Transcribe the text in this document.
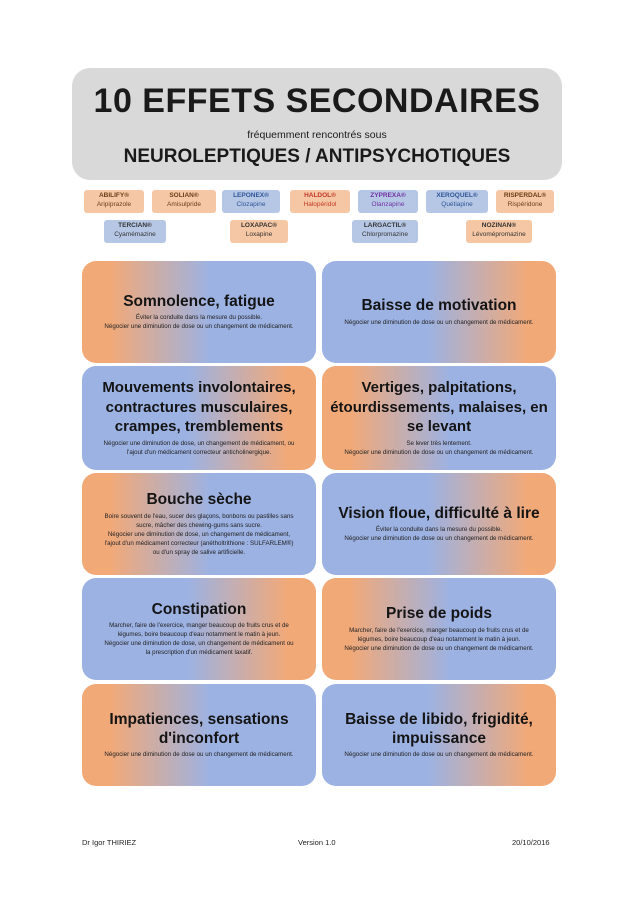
10 EFFETS SECONDAIRES
fréquemment rencontrés sous
NEUROLEPTIQUES / ANTIPSYCHOTIQUES
ABILIFY®
Aripiprazole
SOLIAN®
Amisulpride
LEPONEX®
Clozapine
HALDOL®
Halopéridol
ZYPREXA®
Olanzapine
XEROQUEL®
Quétiapine
RISPERDAL®
Rispéridone
TERCIAN®
Cyamémazine
LOXAPAC®
Loxapine
LARGACTIL®
Chlorpromazine
NOZINAN®
Lévomépromazine
Somnolence, fatigue
Éviter la conduite dans la mesure du possible.
Négocier une diminution de dose ou un changement de médicament.
Baisse de motivation
Négocier une diminution de dose ou un changement de médicament.
Mouvements involontaires, contractures musculaires, crampes, tremblements
Négocier une diminution de dose, un changement de médicament, ou
l'ajout d'un médicament correcteur anticholinergique.
Vertiges, palpitations, étourdissements, malaises, en se levant
Se lever très lentement.
Négocier une diminution de dose ou un changement de médicament.
Bouche sèche
Boire souvent de l'eau, sucer des glaçons, bonbons ou pastilles sans
sucre, mâcher des chewing-gums sans sucre.
Négocier une diminution de dose, un changement de médicament,
l'ajout d'un médicament correcteur (anétholtrithione : SULFARLEM®)
ou d'un spray de salive artificielle.
Vision floue, difficulté à lire
Éviter la conduite dans la mesure du possible.
Négocier une diminution de dose ou un changement de médicament.
Constipation
Marcher, faire de l'exercice, manger beaucoup de fruits crus et de
légumes, boire beaucoup d'eau notamment le matin à jeun.
Négocier une diminution de dose, un changement de médicament ou
la prescription d'un médicament laxatif.
Prise de poids
Marcher, faire de l'exercice, manger beaucoup de fruits crus et de
légumes, boire beaucoup d'eau notamment le matin à jeun.
Négocier une diminution de dose ou un changement de médicament.
Impatiences, sensations d'inconfort
Négocier une diminution de dose ou un changement de médicament.
Baisse de libido, frigidité, impuissance
Négocier une diminution de dose ou un changement de médicament.
Dr Igor THIRIEZ	Version 1.0	20/10/2016
